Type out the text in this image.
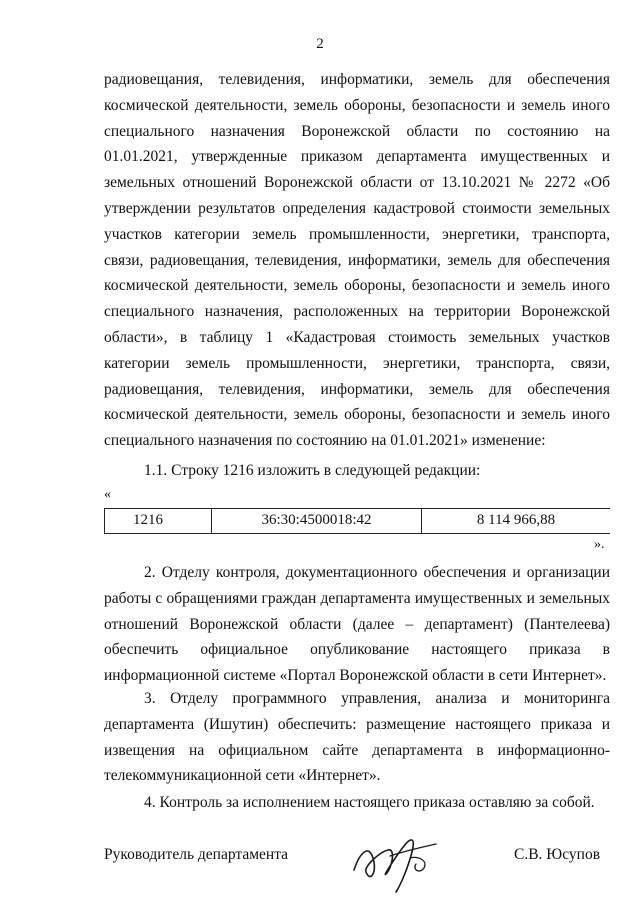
2
радиовещания, телевидения, информатики, земель для обеспечения космической деятельности, земель обороны, безопасности и земель иного специального назначения Воронежской области по состоянию на 01.01.2021, утвержденные приказом департамента имущественных и земельных отношений Воронежской области от 13.10.2021 № 2272 «Об утверждении результатов определения кадастровой стоимости земельных участков категории земель промышленности, энергетики, транспорта, связи, радиовещания, телевидения, информатики, земель для обеспечения космической деятельности, земель обороны, безопасности и земель иного специального назначения, расположенных на территории Воронежской области», в таблицу 1 «Кадастровая стоимость земельных участков категории земель промышленности, энергетики, транспорта, связи, радиовещания, телевидения, информатики, земель для обеспечения космической деятельности, земель обороны, безопасности и земель иного специального назначения по состоянию на 01.01.2021» изменение:
1.1. Строку 1216 изложить в следующей редакции:
«
1216	36:30:4500018:42	8 114 966,88
».
2. Отделу контроля, документационного обеспечения и организации работы с обращениями граждан департамента имущественных и земельных отношений Воронежской области (далее – департамент) (Пантелеева) обеспечить официальное опубликование настоящего приказа в информационной системе «Портал Воронежской области в сети Интернет».
3. Отделу программного управления, анализа и мониторинга департамента (Ишутин) обеспечить: размещение настоящего приказа и извещения на официальном сайте департамента в информационно-телекоммуникационной сети «Интернет».
4. Контроль за исполнением настоящего приказа оставляю за собой.
Руководитель департамента	С.В. Юсупов
